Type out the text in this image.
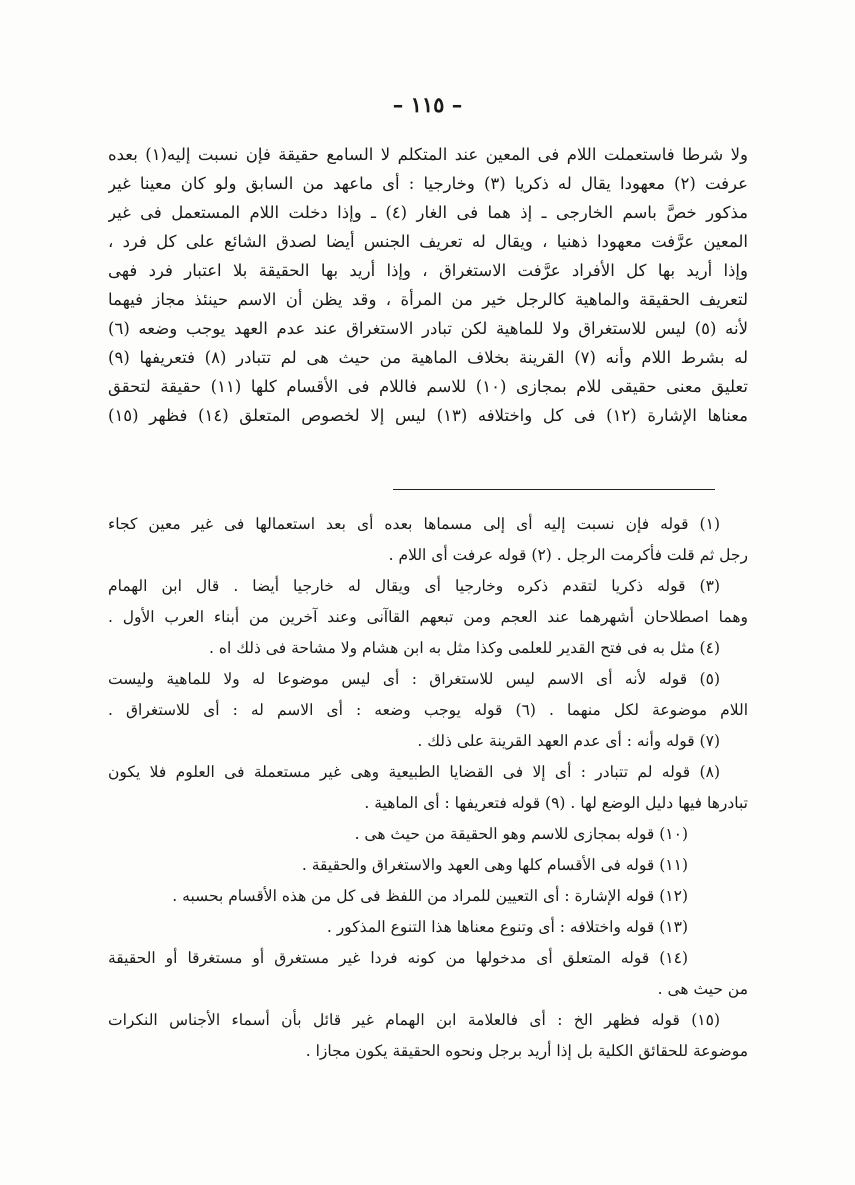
– ١١٥ –
ولا شرطا فاستعملت اللام فى المعين عند المتكلم لا السامع حقيقة فإن نسبت إليه(١) بعده
عرفت (٢) معهودا يقال له ذكريا (٣) وخارجيا : أى ماعهد من السابق ولو كان معينا غير
مذكور خصَّ باسم الخارجى ـ إذ هما فى الغار (٤) ـ وإذا دخلت اللام المستعمل فى غير
المعين عرَّفت معهودا ذهنيا ، ويقال له تعريف الجنس أيضا لصدق الشائع على كل فرد ،
وإذا أريد بها كل الأفراد عرَّفت الاستغراق ، وإذا أريد بها الحقيقة بلا اعتبار فرد فهى
لتعريف الحقيقة والماهية كالرجل خير من المرأة ، وقد يظن أن الاسم حينئذ مجاز فيهما
لأنه (٥) ليس للاستغراق ولا للماهية لكن تبادر الاستغراق عند عدم العهد يوجب وضعه (٦)
له بشرط اللام وأنه (٧) القرينة بخلاف الماهية من حيث هى لم تتبادر (٨) فتعريفها (٩)
تعليق معنى حقيقى للام بمجازى (١٠) للاسم فاللام فى الأقسام كلها (١١) حقيقة لتحقق
معناها الإشارة (١٢) فى كل واختلافه (١٣) ليس إلا لخصوص المتعلق (١٤) فظهر (١٥)
(١) قوله فإن نسبت إليه أى إلى مسماها بعده أى بعد استعمالها فى غير معين كجاء
رجل ثم قلت فأكرمت الرجل . (٢) قوله عرفت أى اللام .
(٣) قوله ذكريا لتقدم ذكره وخارجيا أى ويقال له خارجيا أيضا . قال ابن الهمام
وهما اصطلاحان أشهرهما عند العجم ومن تبعهم القاآنى وعند آخرين من أبناء العرب الأول .
(٤) مثل به فى فتح القدير للعلمى وكذا مثل به ابن هشام ولا مشاحة فى ذلك اه .
(٥) قوله لأنه أى الاسم ليس للاستغراق : أى ليس موضوعا له ولا للماهية وليست
اللام موضوعة لكل منهما . (٦) قوله يوجب وضعه : أى الاسم له : أى للاستغراق .
(٧) قوله وأنه : أى عدم العهد القرينة على ذلك .
(٨) قوله لم تتبادر : أى إلا فى القضايا الطبيعية وهى غير مستعملة فى العلوم فلا يكون
تبادرها فيها دليل الوضع لها . (٩) قوله فتعريفها : أى الماهية .
(١٠) قوله بمجازى للاسم وهو الحقيقة من حيث هى .
(١١) قوله فى الأقسام كلها وهى العهد والاستغراق والحقيقة .
(١٢) قوله الإشارة : أى التعيين للمراد من اللفظ فى كل من هذه الأقسام بحسبه .
(١٣) قوله واختلافه : أى وتنوع معناها هذا التنوع المذكور .
(١٤) قوله المتعلق أى مدخولها من كونه فردا غير مستغرق أو مستغرقا أو الحقيقة
من حيث هى .
(١٥) قوله فظهر الخ : أى فالعلامة ابن الهمام غير قائل بأن أسماء الأجناس النكرات
موضوعة للحقائق الكلية بل إذا أريد برجل ونحوه الحقيقة يكون مجازا .
